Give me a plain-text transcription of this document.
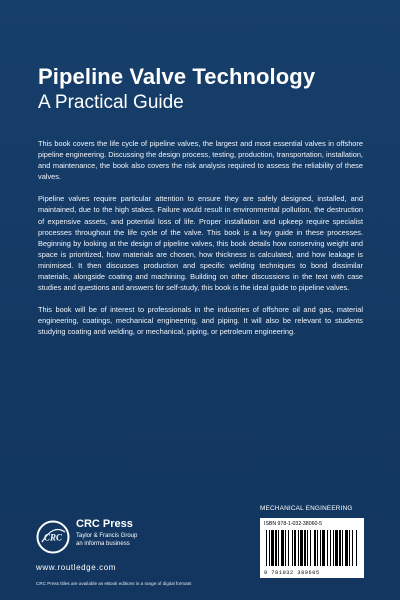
Pipeline Valve Technology
A Practical Guide

This book covers the life cycle of pipeline valves, the largest and most essential valves in offshore pipeline engineering. Discussing the design process, testing, production, transportation, installation, and maintenance, the book also covers the risk analysis required to assess the reliability of these valves.

Pipeline valves require particular attention to ensure they are safely designed, installed, and maintained, due to the high stakes. Failure would result in environmental pollution, the destruction of expensive assets, and potential loss of life. Proper installation and upkeep require specialist processes throughout the life cycle of the valve. This book is a key guide in these processes. Beginning by looking at the design of pipeline valves, this book details how conserving weight and space is prioritized, how materials are chosen, how thickness is calculated, and how leakage is minimised. It then discusses production and specific welding techniques to bond dissimilar materials, alongside coating and machining. Building on other discussions in the text with case studies and questions and answers for self-study, this book is the ideal guide to pipeline valves.

This book will be of interest to professionals in the industries of offshore oil and gas, material engineering, coatings, mechanical engineering, and piping. It will also be relevant to students studying coating and welding, or mechanical, piping, or petroleum engineering.

MECHANICAL ENGINEERING
ISBN 978-1-032-38060-5
9 781032 380605
CRC
CRC Press
Taylor & Francis Group
an informa business
www.routledge.com
CRC Press titles are available as eBook editions in a range of digital formats
